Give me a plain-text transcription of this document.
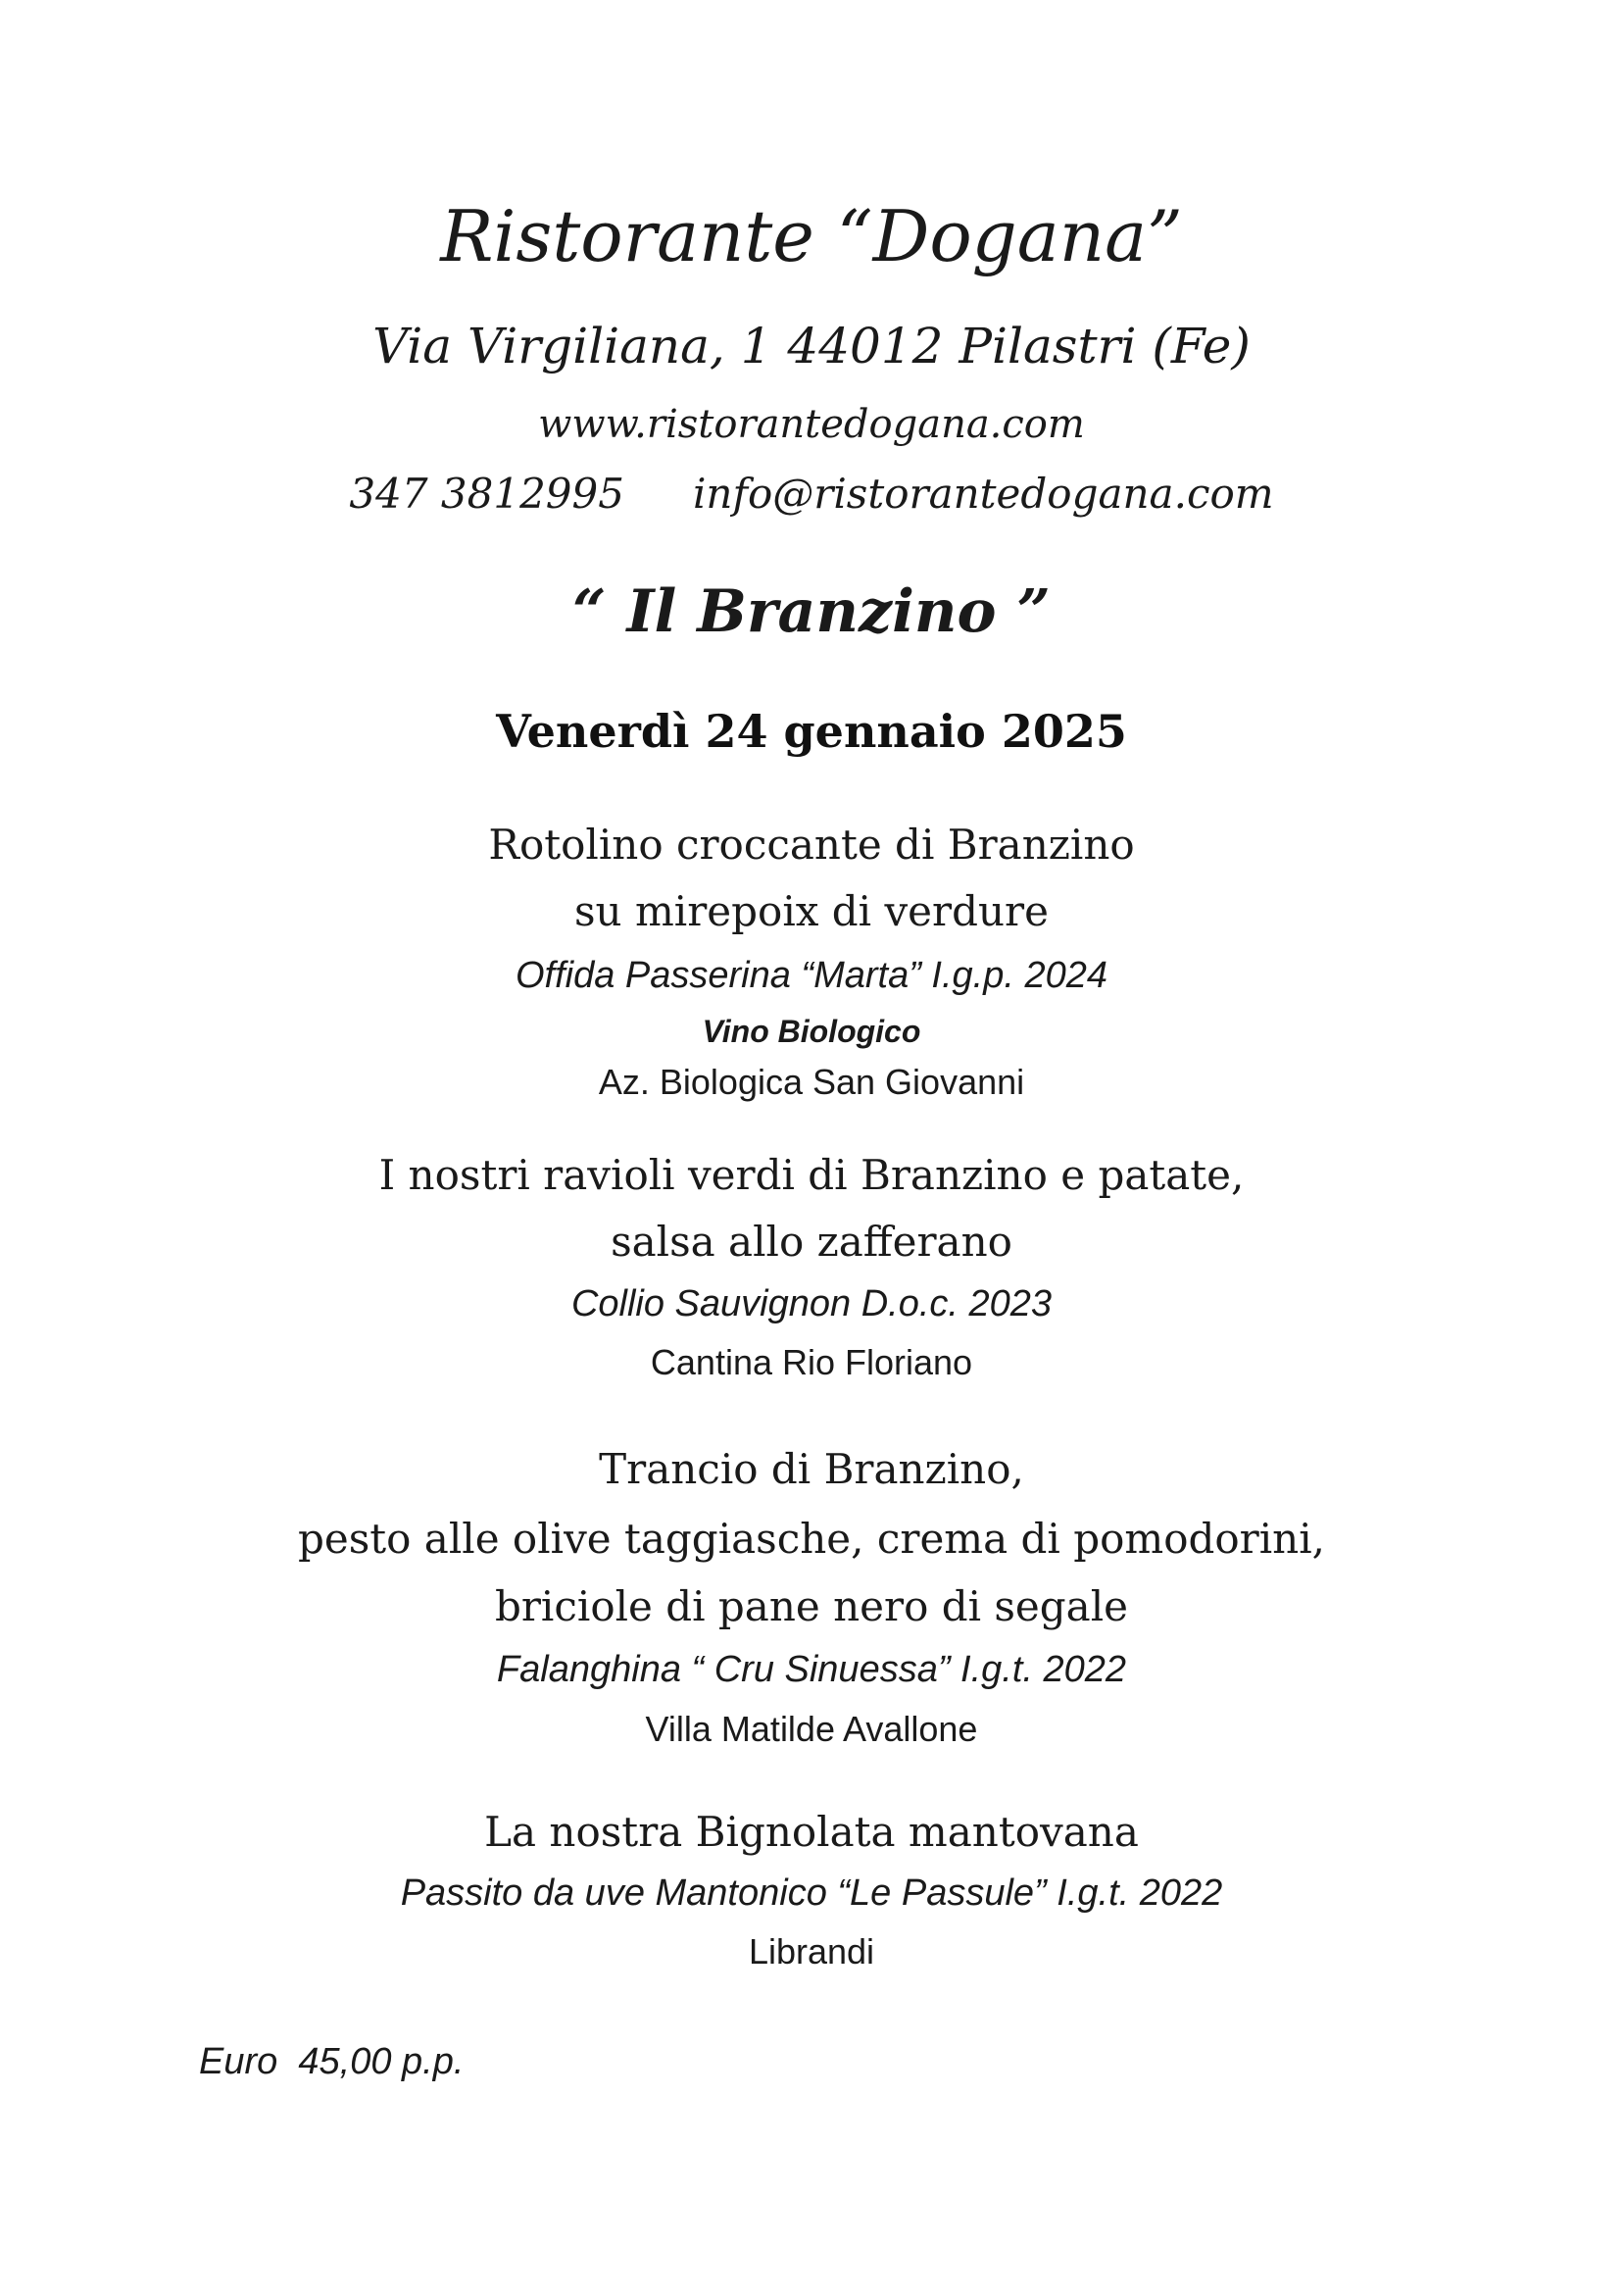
Ristorante “Dogana”
Via Virgiliana, 1 44012 Pilastri (Fe)
www.ristorantedogana.com
347 3812995 info@ristorantedogana.com
“ Il Branzino ”
Venerdì 24 gennaio 2025
Rotolino croccante di Branzino
su mirepoix di verdure
Offida Passerina “Marta” I.g.p. 2024
Vino Biologico
Az. Biologica San Giovanni
I nostri ravioli verdi di Branzino e patate,
salsa allo zafferano
Collio Sauvignon D.o.c. 2023
Cantina Rio Floriano
Trancio di Branzino,
pesto alle olive taggiasche, crema di pomodorini,
briciole di pane nero di segale
Falanghina “ Cru Sinuessa” I.g.t. 2022
Villa Matilde Avallone
La nostra Bignolata mantovana
Passito da uve Mantonico “Le Passule” I.g.t. 2022
Librandi
Euro  45,00 p.p.
